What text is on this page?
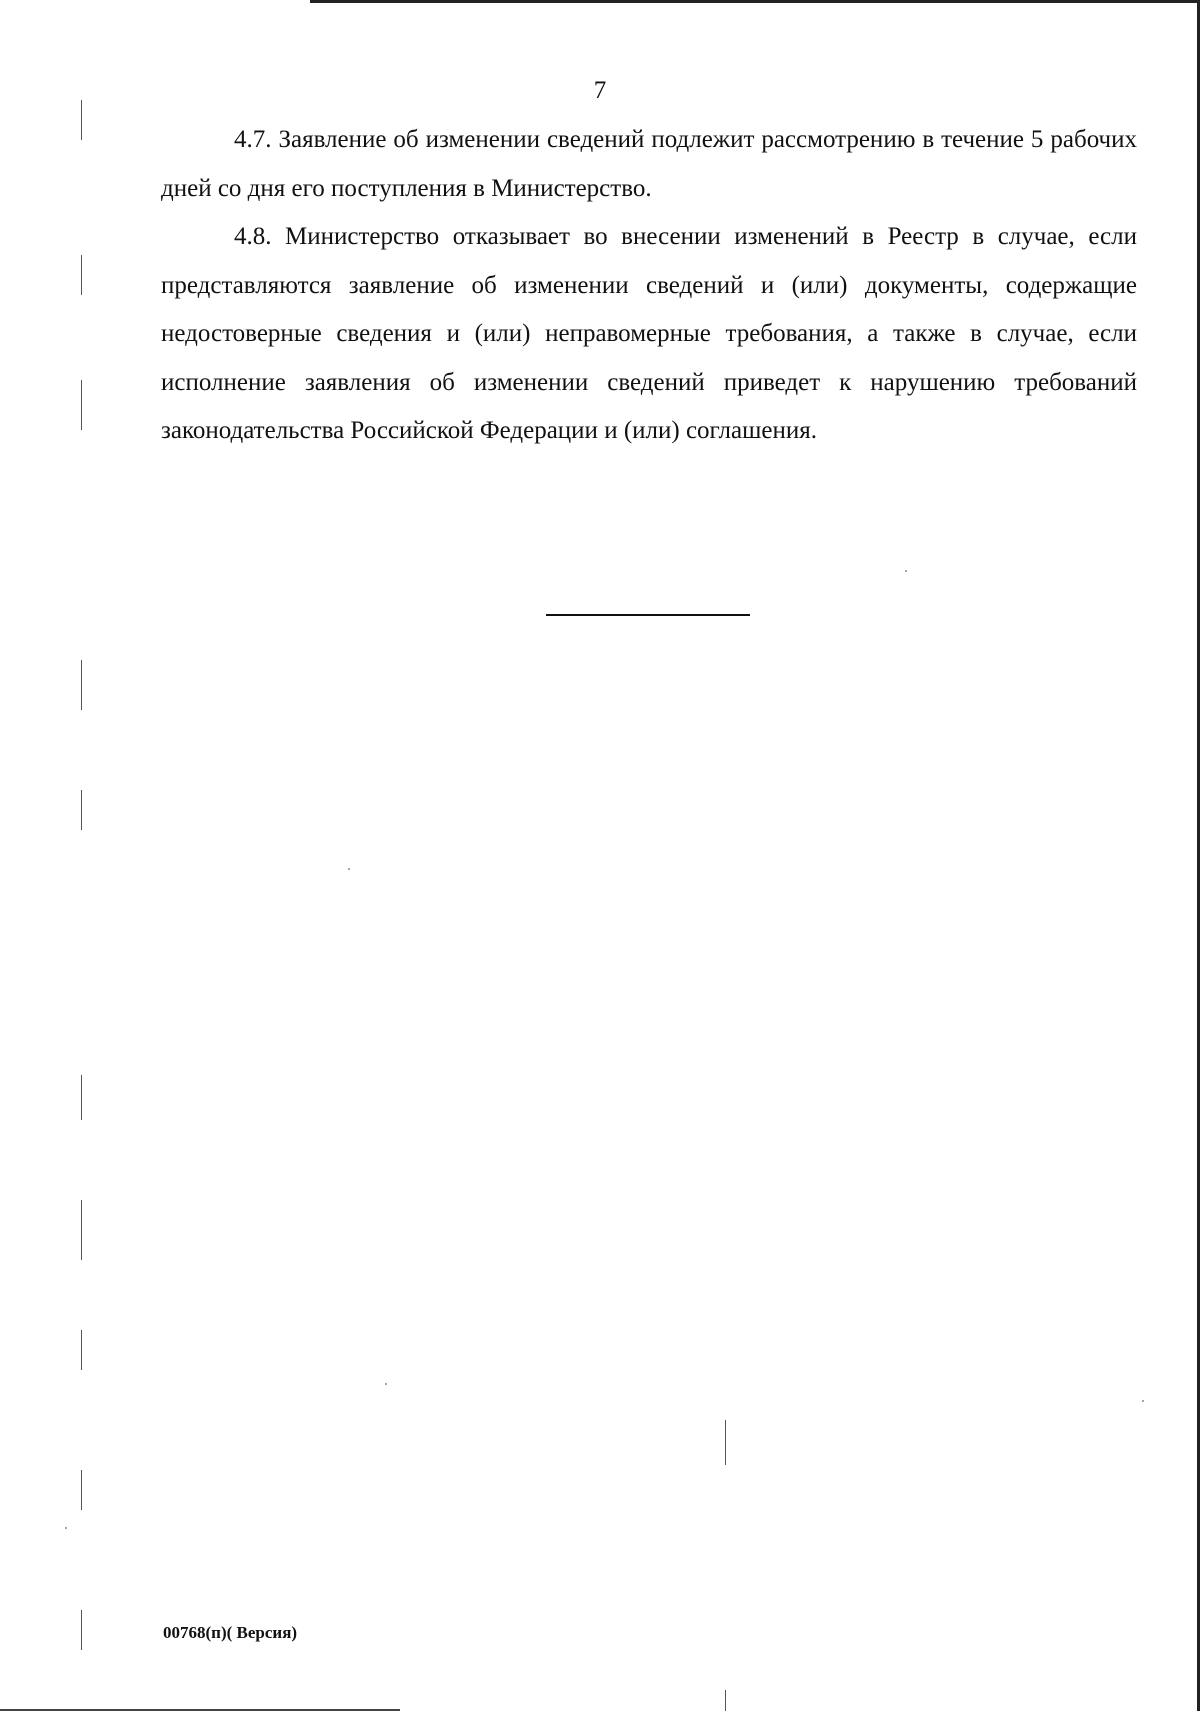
7

4.7. Заявление об изменении сведений подлежит рассмотрению в течение 5 рабочих дней со дня его поступления в Министерство.

4.8. Министерство отказывает во внесении изменений в Реестр в случае, если представляются заявление об изменении сведений и (или) документы, содержащие недостоверные сведения и (или) неправомерные требования, а также в случае, если исполнение заявления об изменении сведений приведет к нарушению требований законодательства Российской Федерации и (или) соглашения.

00768(п)( Версия)
